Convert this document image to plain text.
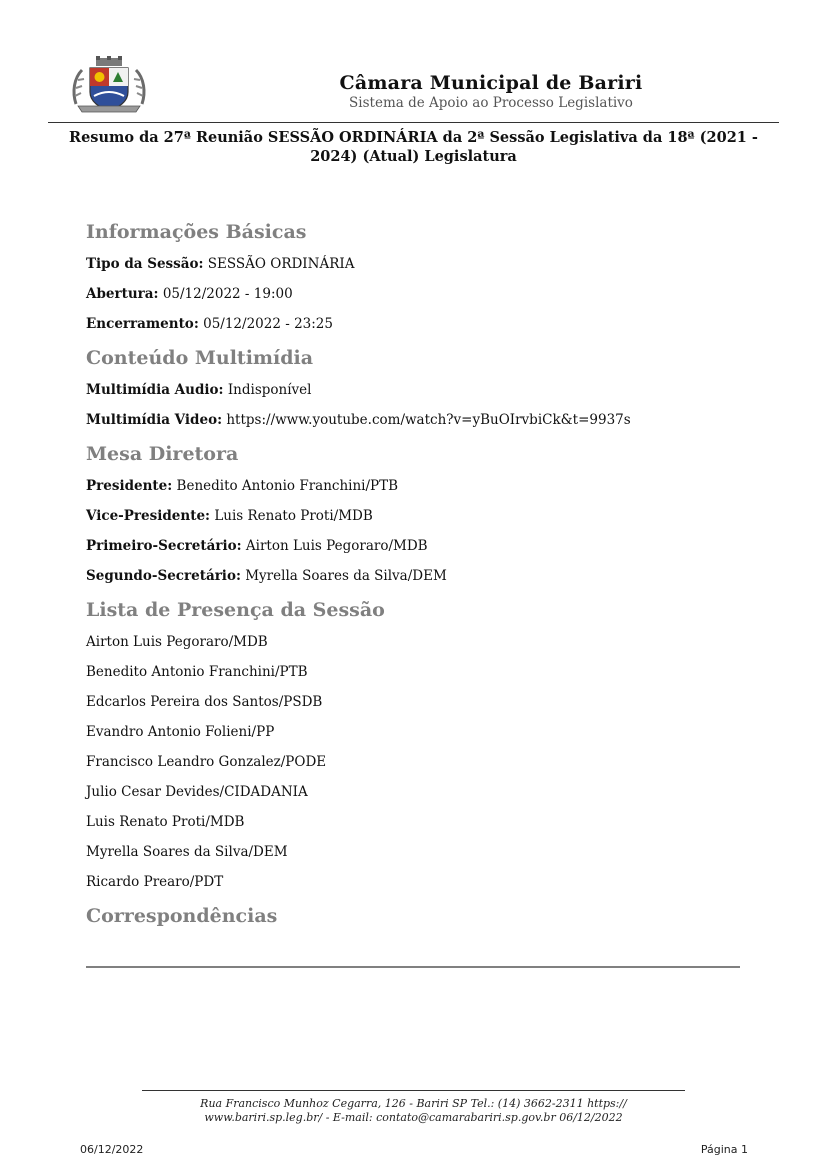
Câmara Municipal de Bariri
Sistema de Apoio ao Processo Legislativo
Resumo da 27ª Reunião SESSÃO ORDINÁRIA da 2ª Sessão Legislativa da 18ª (2021 - 2024) (Atual) Legislatura
Informações Básicas
Tipo da Sessão: SESSÃO ORDINÁRIA
Abertura: 05/12/2022 - 19:00
Encerramento: 05/12/2022 - 23:25
Conteúdo Multimídia
Multimídia Audio: Indisponível
Multimídia Video: https://www.youtube.com/watch?v=yBuOIrvbiCk&t=9937s
Mesa Diretora
Presidente: Benedito Antonio Franchini/PTB
Vice-Presidente: Luis Renato Proti/MDB
Primeiro-Secretário: Airton Luis Pegoraro/MDB
Segundo-Secretário: Myrella Soares da Silva/DEM
Lista de Presença da Sessão
Airton Luis Pegoraro/MDB
Benedito Antonio Franchini/PTB
Edcarlos Pereira dos Santos/PSDB
Evandro Antonio Folieni/PP
Francisco Leandro Gonzalez/PODE
Julio Cesar Devides/CIDADANIA
Luis Renato Proti/MDB
Myrella Soares da Silva/DEM
Ricardo Prearo/PDT
Correspondências
Rua Francisco Munhoz Cegarra, 126 - Bariri SP Tel.: (14) 3662-2311 https://
www.bariri.sp.leg.br/ - E-mail: contato@camarabariri.sp.gov.br 06/12/2022
06/12/2022	Página 1
